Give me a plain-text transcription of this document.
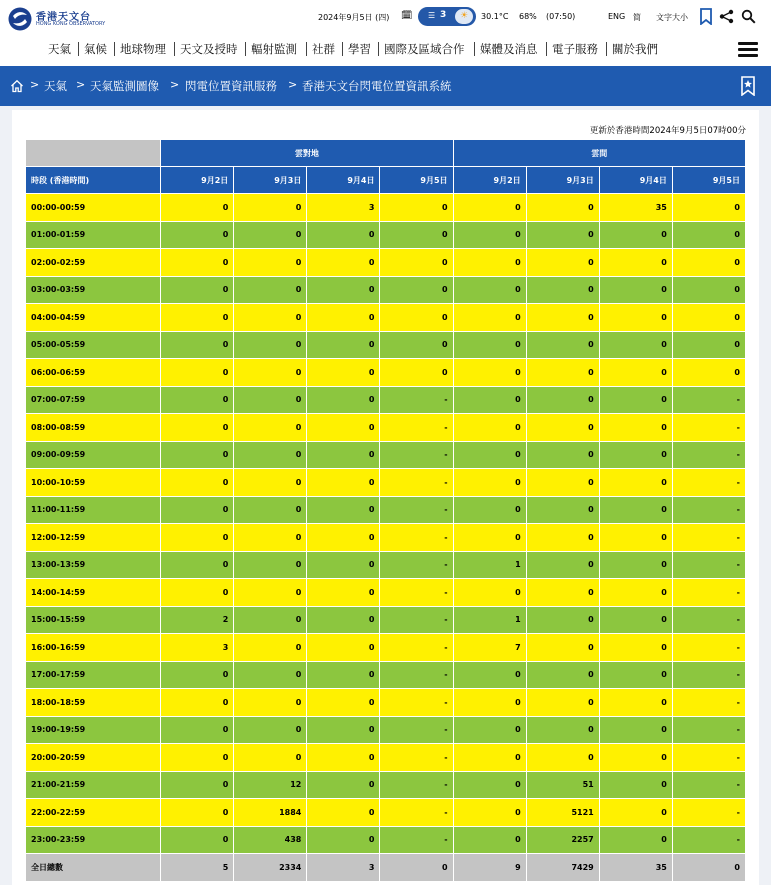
香港天文台
HONG KONG OBSERVATORY
2024年9月5日 (四) 🗓 ☰ 3	☀	30.1°C 68% (07:50)	ENG 简 文字大小
天氣 氣候 地球物理 天文及授時 輻射監測 社群 學習 國際及區域合作 媒體及消息 電子服務 關於我們
> 天氣 > 天氣監測圖像 > 閃電位置資訊服務 > 香港天文台閃電位置資訊系統
更新於香港時間2024年9月5日07時00分
	雲對地				雲間			
時段 (香港時間)	9月2日	9月3日	9月4日	9月5日	9月2日	9月3日	9月4日	9月5日
00:00-00:59	0	0	3	0	0	0	35	0
01:00-01:59	0	0	0	0	0	0	0	0
02:00-02:59	0	0	0	0	0	0	0	0
03:00-03:59	0	0	0	0	0	0	0	0
04:00-04:59	0	0	0	0	0	0	0	0
05:00-05:59	0	0	0	0	0	0	0	0
06:00-06:59	0	0	0	0	0	0	0	0
07:00-07:59	0	0	0	-	0	0	0	-
08:00-08:59	0	0	0	-	0	0	0	-
09:00-09:59	0	0	0	-	0	0	0	-
10:00-10:59	0	0	0	-	0	0	0	-
11:00-11:59	0	0	0	-	0	0	0	-
12:00-12:59	0	0	0	-	0	0	0	-
13:00-13:59	0	0	0	-	1	0	0	-
14:00-14:59	0	0	0	-	0	0	0	-
15:00-15:59	2	0	0	-	1	0	0	-
16:00-16:59	3	0	0	-	7	0	0	-
17:00-17:59	0	0	0	-	0	0	0	-
18:00-18:59	0	0	0	-	0	0	0	-
19:00-19:59	0	0	0	-	0	0	0	-
20:00-20:59	0	0	0	-	0	0	0	-
21:00-21:59	0	12	0	-	0	51	0	-
22:00-22:59	0	1884	0	-	0	5121	0	-
23:00-23:59	0	438	0	-	0	2257	0	-
全日總數	5	2334	3	0	9	7429	35	0
